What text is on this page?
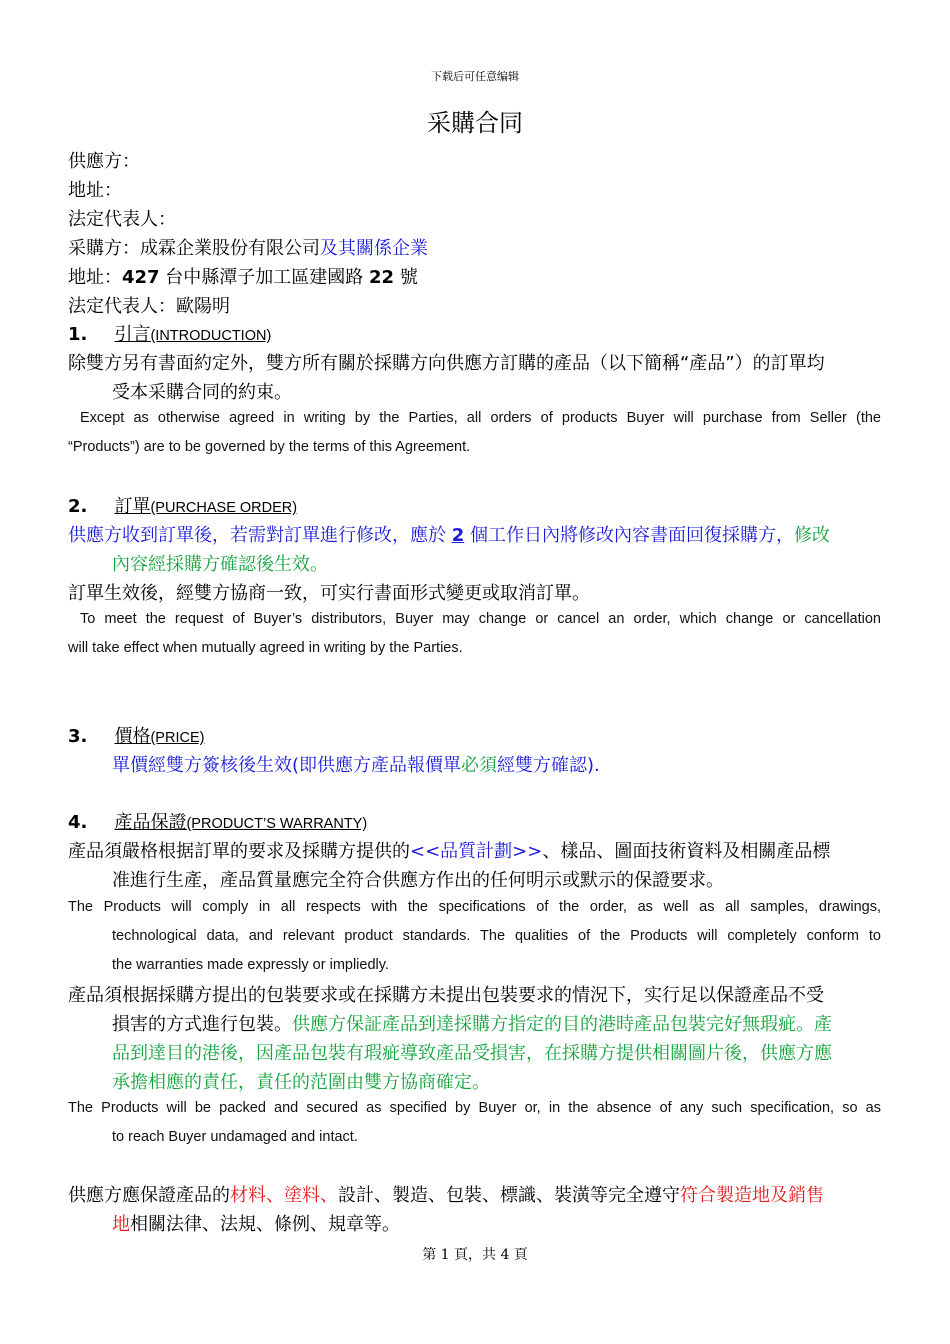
下载后可任意编辑
采購合同
供應方：
地址：
法定代表人：
采購方：成霖企業股份有限公司及其關係企業
地址：427 台中縣潭子加工區建國路 22 號
法定代表人：歐陽明
1. 引言(INTRODUCTION)
除雙方另有書面約定外，雙方所有關於採購方向供應方訂購的產品（以下簡稱“產品”）的訂單均
受本采購合同的約束。
Except as otherwise agreed in writing by the Parties, all orders of products Buyer will purchase from Seller (the
“Products”) are to be governed by the terms of this Agreement.
2. 訂單(PURCHASE ORDER)
供應方收到訂單後，若需對訂單進行修改，應於 2 個工作日內將修改內容書面回復採購方，修改
內容經採購方確認後生效。
訂單生效後，經雙方協商一致，可实行書面形式變更或取消訂單。
To meet the request of Buyer’s distributors, Buyer may change or cancel an order, which change or cancellation
will take effect when mutually agreed in writing by the Parties.
3. 價格(PRICE)
單價經雙方簽核後生效(即供應方產品報價單必須經雙方確認).
4. 產品保證(PRODUCT’S WARRANTY)
產品須嚴格根据訂單的要求及採購方提供的<<品質計劃>>、樣品、圖面技術資料及相關產品標
准進行生產，產品質量應完全符合供應方作出的任何明示或默示的保證要求。
The Products will comply in all respects with the specifications of the order, as well as all samples, drawings,
technological data, and relevant product standards. The qualities of the Products will completely conform to
the warranties made expressly or impliedly.
產品須根据採購方提出的包裝要求或在採購方未提出包裝要求的情況下，实行足以保證產品不受
損害的方式進行包裝。供應方保証產品到達採購方指定的目的港時產品包裝完好無瑕疵。產
品到達目的港後，因產品包裝有瑕疵導致產品受損害，在採購方提供相關圖片後，供應方應
承擔相應的責任，責任的范圍由雙方協商確定。
The Products will be packed and secured as specified by Buyer or, in the absence of any such specification, so as
to reach Buyer undamaged and intact.
供應方應保證產品的材料、塗料、設計、製造、包裝、標識、裝潢等完全遵守符合製造地及銷售
地相關法律、法規、條例、規章等。
第 1 頁，共 4 頁
